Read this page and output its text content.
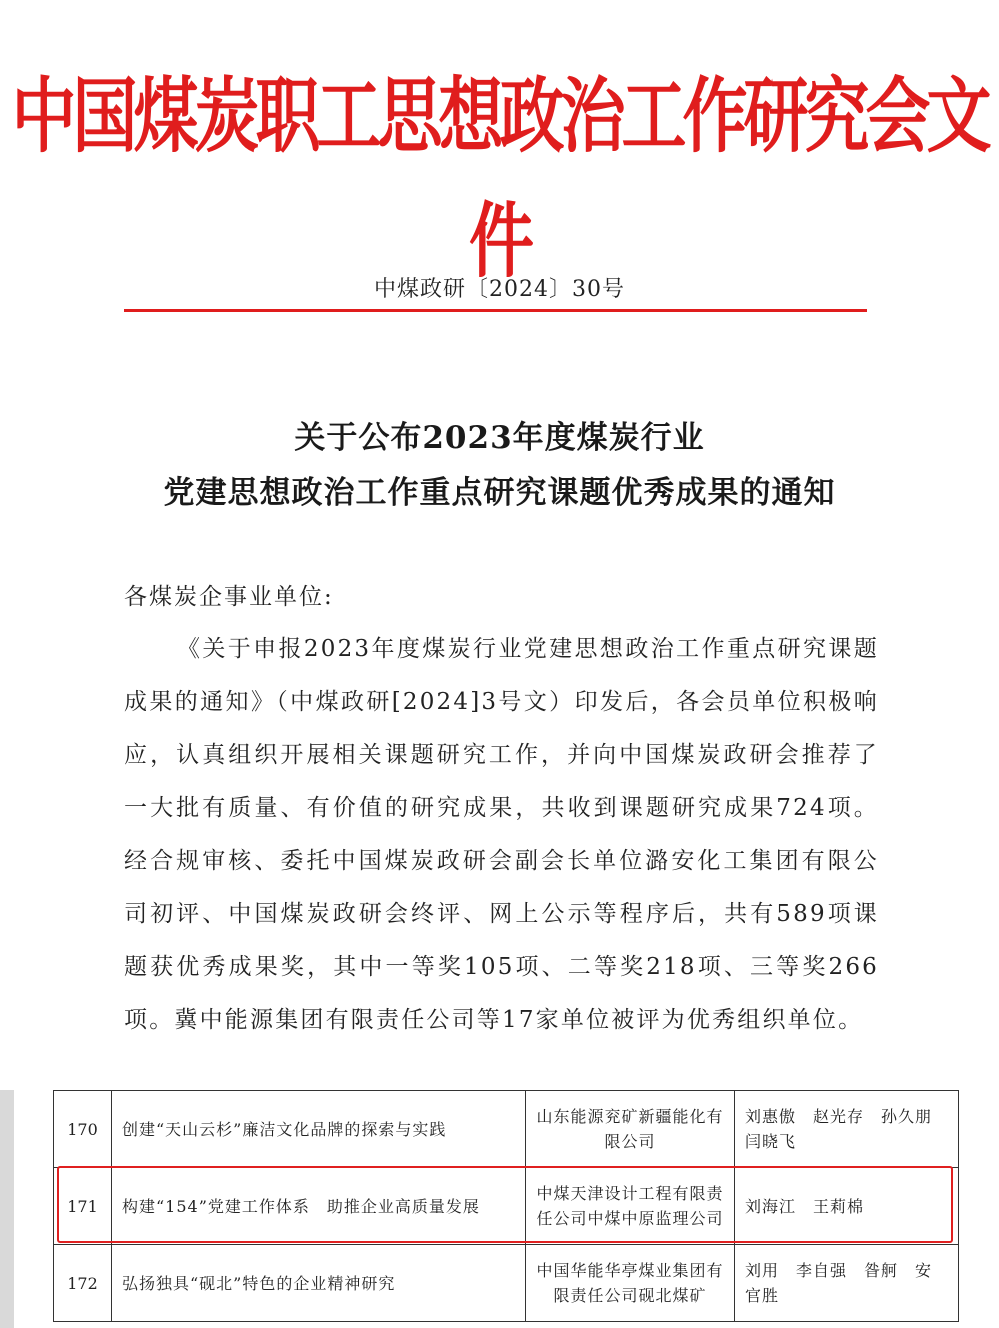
中国煤炭职工思想政治工作研究会文件
中煤政研〔2024〕30号
关于公布2023年度煤炭行业
党建思想政治工作重点研究课题优秀成果的通知
各煤炭企事业单位:

《关于申报2023年度煤炭行业党建思想政治工作重点研究课题成果的通知》（中煤政研[2024]3号文）印发后，各会员单位积极响应，认真组织开展相关课题研究工作，并向中国煤炭政研会推荐了一大批有质量、有价值的研究成果，共收到课题研究成果724项。经合规审核、委托中国煤炭政研会副会长单位潞安化工集团有限公司初评、中国煤炭政研会终评、网上公示等程序后，共有589项课题获优秀成果奖，其中一等奖105项、二等奖218项、三等奖266项。冀中能源集团有限责任公司等17家单位被评为优秀组织单位。

170	创建“天山云杉”廉洁文化品牌的探索与实践	山东能源兖矿新疆能化有限公司	刘惠傲　赵光存　孙久朋　闫晓飞
171	构建“154”党建工作体系　助推企业高质量发展	中煤天津设计工程有限责任公司中煤中原监理公司	刘海江　王莉棉
172	弘扬独具“砚北”特色的企业精神研究	中国华能华亭煤业集团有限责任公司砚北煤矿	刘用　李自强　昝舸　安官胜
